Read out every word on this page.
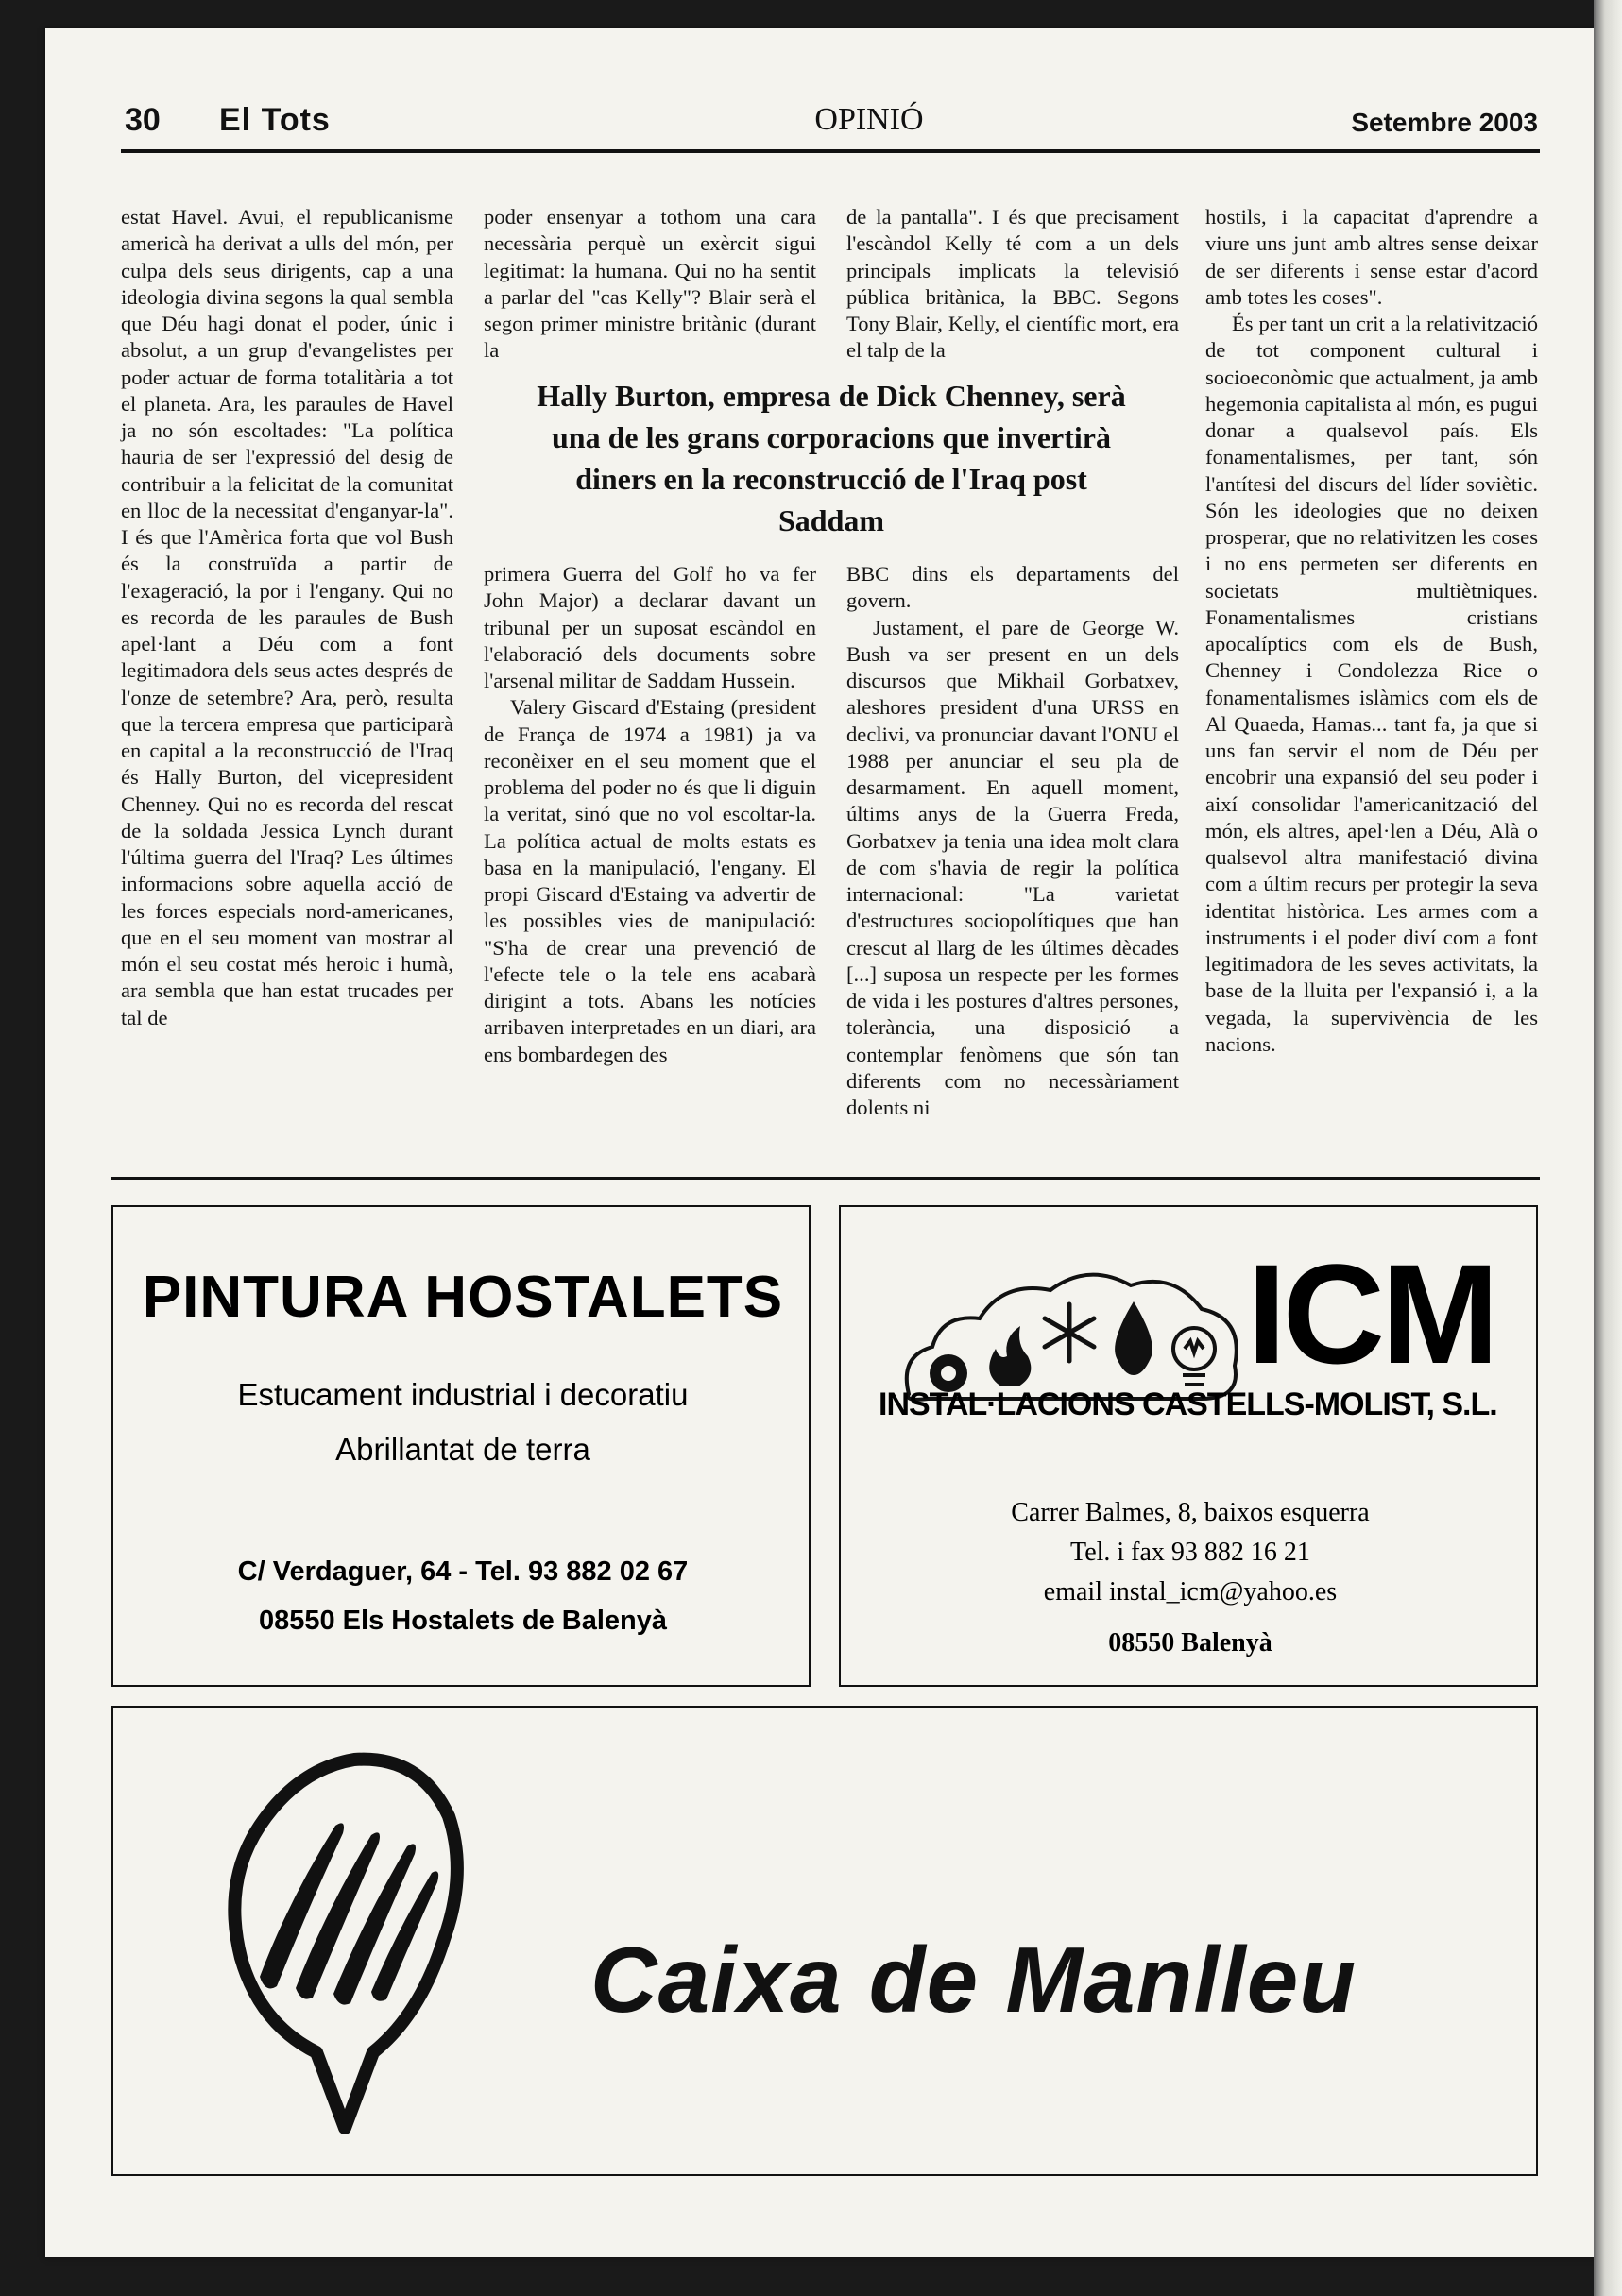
30 El Tots	OPINIÓ	Setembre 2003

estat Havel. Avui, el republicanisme americà ha derivat a ulls del món, per culpa dels seus dirigents, cap a una ideologia divina segons la qual sembla que Déu hagi donat el poder, únic i absolut, a un grup d'evangelistes per poder actuar de forma totalitària a tot el planeta. Ara, les paraules de Havel ja no són escoltades: "La política hauria de ser l'expressió del desig de contribuir a la felicitat de la comunitat en lloc de la necessitat d'enganyar-la". I és que l'Amèrica forta que vol Bush és la construïda a partir de l'exageració, la por i l'engany. Qui no es recorda de les paraules de Bush apel·lant a Déu com a font legitimadora dels seus actes després de l'onze de setembre? Ara, però, resulta que la tercera empresa que participarà en capital a la reconstrucció de l'Iraq és Hally Burton, del vicepresident Chenney. Qui no es recorda del rescat de la soldada Jessica Lynch durant l'última guerra del l'Iraq? Les últimes informacions sobre aquella acció de les forces especials nord-americanes, que en el seu moment van mostrar al món el seu costat més heroic i humà, ara sembla que han estat trucades per tal de

poder ensenyar a tothom una cara necessària perquè un exèrcit sigui legitimat: la humana. Qui no ha sentit a parlar del "cas Kelly"? Blair serà el segon primer ministre britànic (durant la

de la pantalla". I és que precisament l'escàndol Kelly té com a un dels principals implicats la televisió pública britànica, la BBC. Segons Tony Blair, Kelly, el científic mort, era el talp de la

Hally Burton, empresa de Dick Chenney, serà una de les grans corporacions que invertirà diners en la reconstrucció de l'Iraq post Saddam

primera Guerra del Golf ho va fer John Major) a declarar davant un tribunal per un suposat escàndol en l'elaboració dels documents sobre l'arsenal militar de Saddam Hussein.

Valery Giscard d'Estaing (president de França de 1974 a 1981) ja va reconèixer en el seu moment que el problema del poder no és que li diguin la veritat, sinó que no vol escoltar-la. La política actual de molts estats es basa en la manipulació, l'engany. El propi Giscard d'Estaing va advertir de les possibles vies de manipulació: "S'ha de crear una prevenció de l'efecte tele o la tele ens acabarà dirigint a tots. Abans les notícies arribaven interpretades en un diari, ara ens bombardegen des

BBC dins els departaments del govern.

Justament, el pare de George W. Bush va ser present en un dels discursos que Mikhail Gorbatxev, aleshores president d'una URSS en declivi, va pronunciar davant l'ONU el 1988 per anunciar el seu pla de desarmament. En aquell moment, últims anys de la Guerra Freda, Gorbatxev ja tenia una idea molt clara de com s'havia de regir la política internacional: "La varietat d'estructures sociopolítiques que han crescut al llarg de les últimes dècades [...] suposa un respecte per les formes de vida i les postures d'altres persones, tolerància, una disposició a contemplar fenòmens que són tan diferents com no necessàriament dolents ni

hostils, i la capacitat d'aprendre a viure uns junt amb altres sense deixar de ser diferents i sense estar d'acord amb totes les coses".

És per tant un crit a la relativització de tot component cultural i socioeconòmic que actualment, ja amb hegemonia capitalista al món, es pugui donar a qualsevol país. Els fonamentalismes, per tant, són l'antítesi del discurs del líder soviètic. Són les ideologies que no deixen prosperar, que no relativitzen les coses i no ens permeten ser diferents en societats multiètniques. Fonamentalismes cristians apocalíptics com els de Bush, Chenney i Condolezza Rice o fonamentalismes islàmics com els de Al Quaeda, Hamas... tant fa, ja que si uns fan servir el nom de Déu per encobrir una expansió del seu poder i així consolidar l'americanització del món, els altres, apel·len a Déu, Alà o qualsevol altra manifestació divina com a últim recurs per protegir la seva identitat històrica. Les armes com a instruments i el poder diví com a font legitimadora de les seves activitats, la base de la lluita per l'expansió i, a la vegada, la supervivència de les nacions.

PINTURA HOSTALETS
Estucament industrial i decoratiu
Abrillantat de terra
C/ Verdaguer, 64 - Tel. 93 882 02 67
08550 Els Hostalets de Balenyà
ICM
INSTAL·LACIONS CASTELLS-MOLIST, S.L.
Carrer Balmes, 8, baixos esquerra
Tel. i fax 93 882 16 21
email instal_icm@yahoo.es
08550 Balenyà
Caixa de Manlleu
